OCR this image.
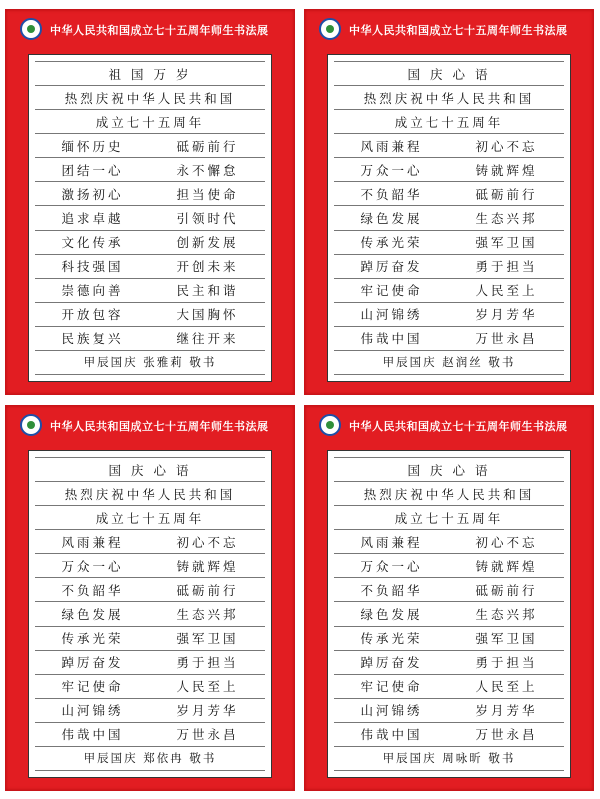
中华人民共和国成立七十五周年师生书法展
祖 国 万 岁
热烈庆祝中华人民共和国
成立七十五周年
缅怀历史	砥砺前行
团结一心	永不懈怠
激扬初心	担当使命
追求卓越	引领时代
文化传承	创新发展
科技强国	开创未来
崇德向善	民主和谐
开放包容	大国胸怀
民族复兴	继往开来
甲辰国庆 张雅莉 敬书
中华人民共和国成立七十五周年师生书法展
国 庆 心 语
热烈庆祝中华人民共和国
成立七十五周年
风雨兼程	初心不忘
万众一心	铸就辉煌
不负韶华	砥砺前行
绿色发展	生态兴邦
传承光荣	强军卫国
踔厉奋发	勇于担当
牢记使命	人民至上
山河锦绣	岁月芳华
伟哉中国	万世永昌
甲辰国庆 赵润丝 敬书
中华人民共和国成立七十五周年师生书法展
国 庆 心 语
热烈庆祝中华人民共和国
成立七十五周年
风雨兼程	初心不忘
万众一心	铸就辉煌
不负韶华	砥砺前行
绿色发展	生态兴邦
传承光荣	强军卫国
踔厉奋发	勇于担当
牢记使命	人民至上
山河锦绣	岁月芳华
伟哉中国	万世永昌
甲辰国庆 郑依冉 敬书
中华人民共和国成立七十五周年师生书法展
国 庆 心 语
热烈庆祝中华人民共和国
成立七十五周年
风雨兼程	初心不忘
万众一心	铸就辉煌
不负韶华	砥砺前行
绿色发展	生态兴邦
传承光荣	强军卫国
踔厉奋发	勇于担当
牢记使命	人民至上
山河锦绣	岁月芳华
伟哉中国	万世永昌
甲辰国庆 周咏昕 敬书
